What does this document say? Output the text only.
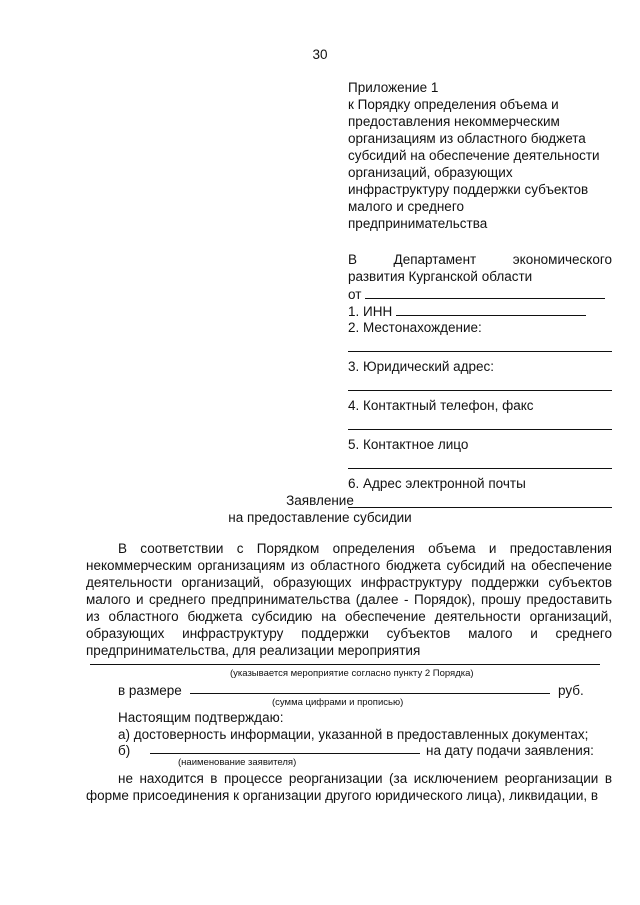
30
Приложение 1
к Порядку определения объема и
предоставления некоммерческим
организациям из областного бюджета
субсидий на обеспечение деятельности
организаций, образующих
инфраструктуру поддержки субъектов
малого и среднего
предпринимательства
В Департамент экономического
развития Курганской области
от
1. ИНН
2. Местонахождение:
3. Юридический адрес:
4. Контактный телефон, факс
5. Контактное лицо
6. Адрес электронной почты
Заявление
на предоставление субсидии

В соответствии с Порядком определения объема и предоставления некоммерческим организациям из областного бюджета субсидий на обеспечение деятельности организаций, образующих инфраструктуру поддержки субъектов малого и среднего предпринимательства (далее - Порядок), прошу предоставить из областного бюджета субсидию на обеспечение деятельности организаций, образующих инфраструктуру поддержки субъектов малого и среднего предпринимательства, для реализации мероприятия

(указывается мероприятие согласно пункту 2 Порядка)
в размере	руб.
(сумма цифрами и прописью)
Настоящим подтверждаю:
а) достоверность информации, указанной в предоставленных документах;
б)	на дату подачи заявления:
(наименование заявителя)

не находится в процессе реорганизации (за исключением реорганизации в форме присоединения к организации другого юридического лица), ликвидации, в
